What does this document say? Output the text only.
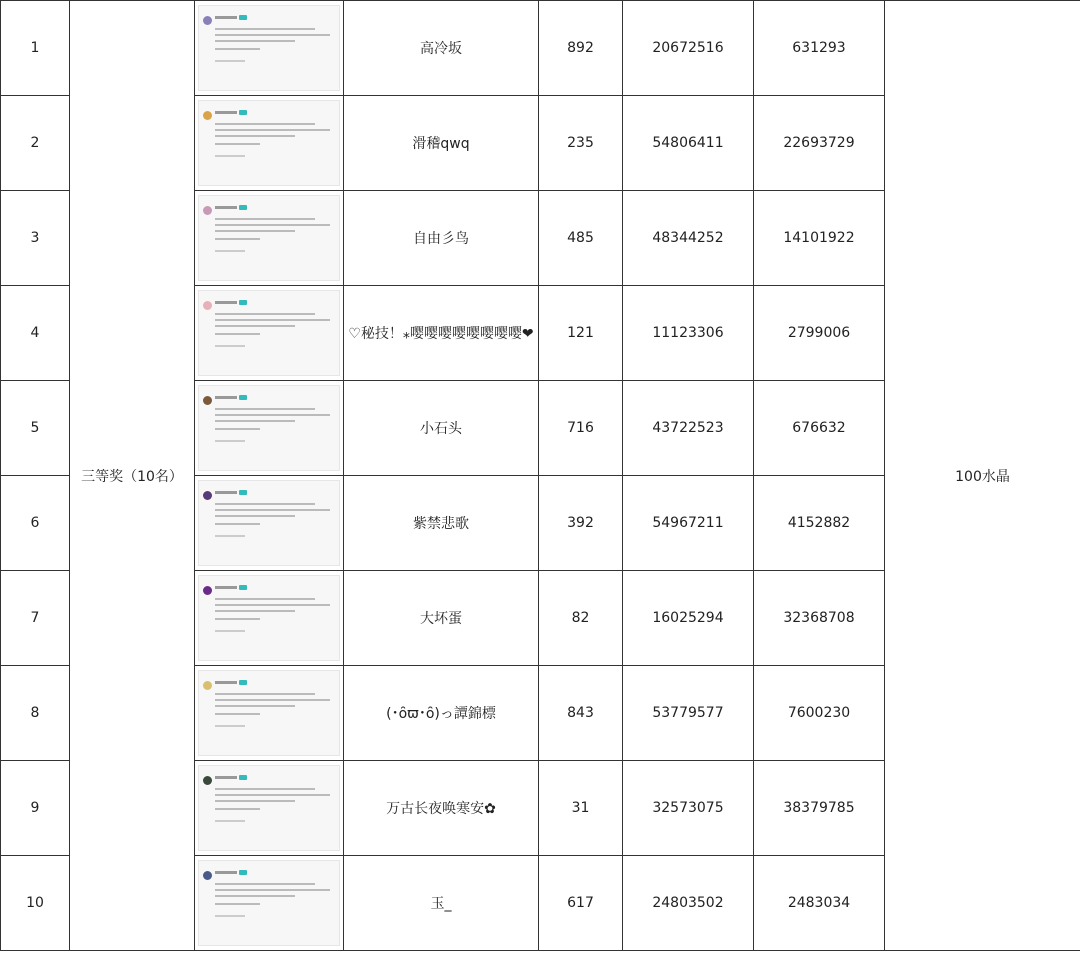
1	三等奖（10名）		高冷坂	892	20672516	631293	100水晶
2			滑稽qwq	235	54806411	22693729	
3			自由彡鸟	485	48344252	14101922	
4			♡秘技！⁎嘤嘤嘤嘤嘤嘤嘤嘤❤	121	11123306	2799006	
5			小石头	716	43722523	676632	
6			紫禁悲歌	392	54967211	4152882	
7			大坏蛋	82	16025294	32368708	
8			(･ȏϖ･ȏ)っ譚錦標	843	53779577	7600230	
9			万古长夜唤寒安✿	31	32573075	38379785	
10			玉_	617	24803502	2483034	
